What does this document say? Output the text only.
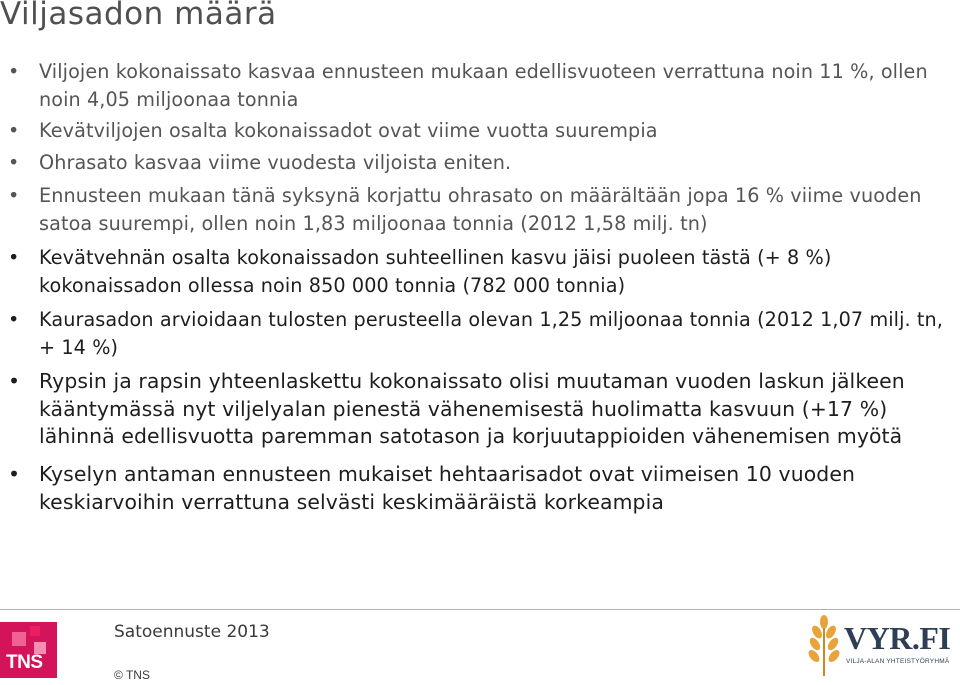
Viljasadon määrä
• Viljojen kokonaissato kasvaa ennusteen mukaan edellisvuoteen verrattuna noin 11 %, ollen noin 4,05 miljoonaa tonnia
• Kevätviljojen osalta kokonaissadot ovat viime vuotta suurempia
• Ohrasato kasvaa viime vuodesta viljoista eniten.
• Ennusteen mukaan tänä syksynä korjattu ohrasato on määrältään jopa 16 % viime vuoden satoa suurempi, ollen noin 1,83 miljoonaa tonnia (2012 1,58 milj. tn)
• Kevätvehnän osalta kokonaissadon suhteellinen kasvu jäisi puoleen tästä (+ 8 %) kokonaissadon ollessa noin 850 000 tonnia (782 000 tonnia)
• Kaurasadon arvioidaan tulosten perusteella olevan 1,25 miljoonaa tonnia (2012 1,07 milj. tn, + 14 %)
• Rypsin ja rapsin yhteenlaskettu kokonaissato olisi muutaman vuoden laskun jälkeen kääntymässä nyt viljelyalan pienestä vähenemisestä huolimatta kasvuun (+17 %) lähinnä edellisvuotta paremman satotason ja korjuutappioiden vähenemisen myötä
• Kyselyn antaman ennusteen mukaiset hehtaarisadot ovat viimeisen 10 vuoden keskiarvoihin verrattuna selvästi keskimääräistä korkeampia
TNS
Satoennuste 2013
© TNS
VYR.FI
VILJA-ALAN YHTEISTYÖRYHMÄ
